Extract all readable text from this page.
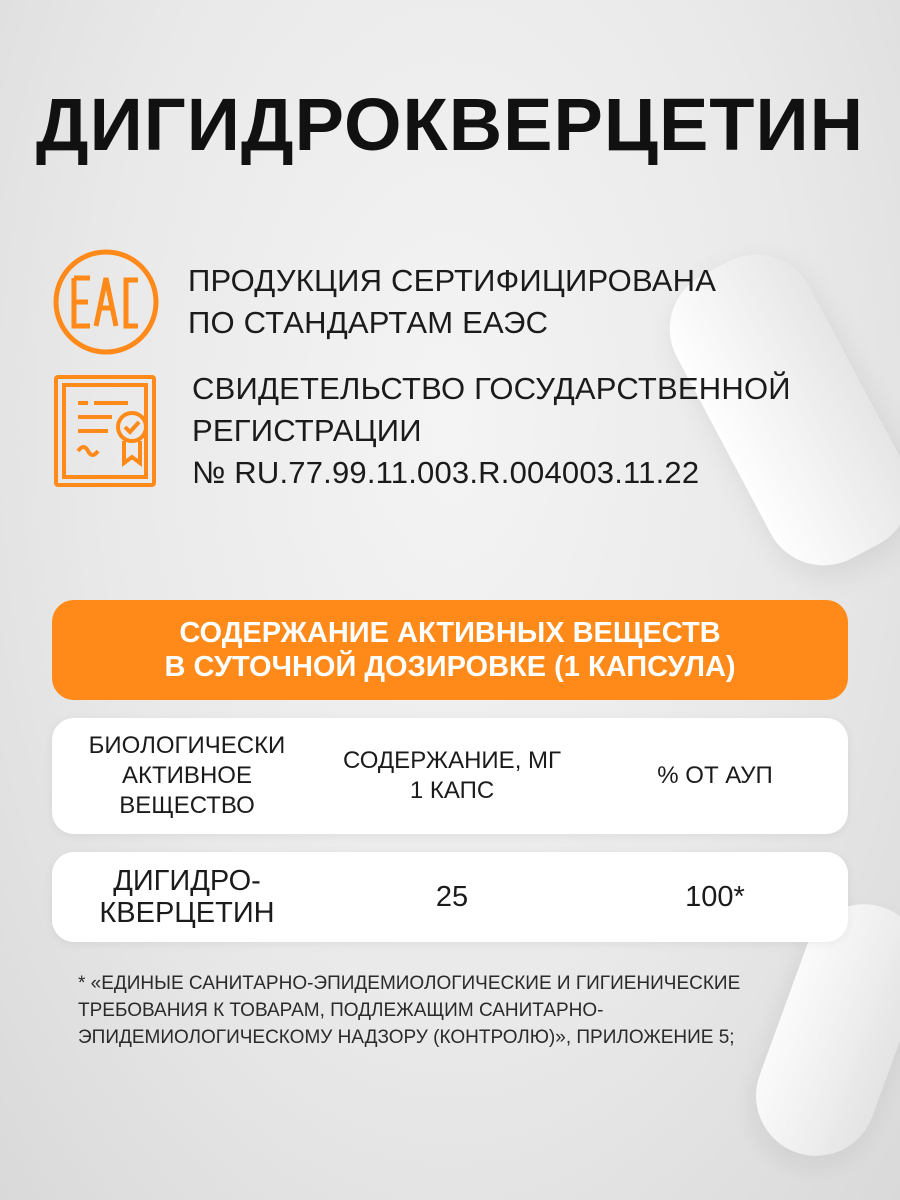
ДИГИДРОКВЕРЦЕТИН
ПРОДУКЦИЯ СЕРТИФИЦИРОВАНА
ПО СТАНДАРТАМ ЕАЭС
СВИДЕТЕЛЬСТВО ГОСУДАРСТВЕННОЙ
РЕГИСТРАЦИИ
№ RU.77.99.11.003.R.004003.11.22
СОДЕРЖАНИЕ АКТИВНЫХ ВЕЩЕСТВ
В СУТОЧНОЙ ДОЗИРОВКЕ (1 КАПСУЛА)
БИОЛОГИЧЕСКИ
АКТИВНОЕ
ВЕЩЕСТВО
СОДЕРЖАНИЕ, МГ
1 КАПС
% ОТ АУП
ДИГИДРО-
КВЕРЦЕТИН	25	100*
* «ЕДИНЫЕ САНИТАРНО-ЭПИДЕМИОЛОГИЧЕСКИЕ И ГИГИЕНИЧЕСКИЕ
ТРЕБОВАНИЯ К ТОВАРАМ, ПОДЛЕЖАЩИМ САНИТАРНО-
ЭПИДЕМИОЛОГИЧЕСКОМУ НАДЗОРУ (КОНТРОЛЮ)», ПРИЛОЖЕНИЕ 5;
